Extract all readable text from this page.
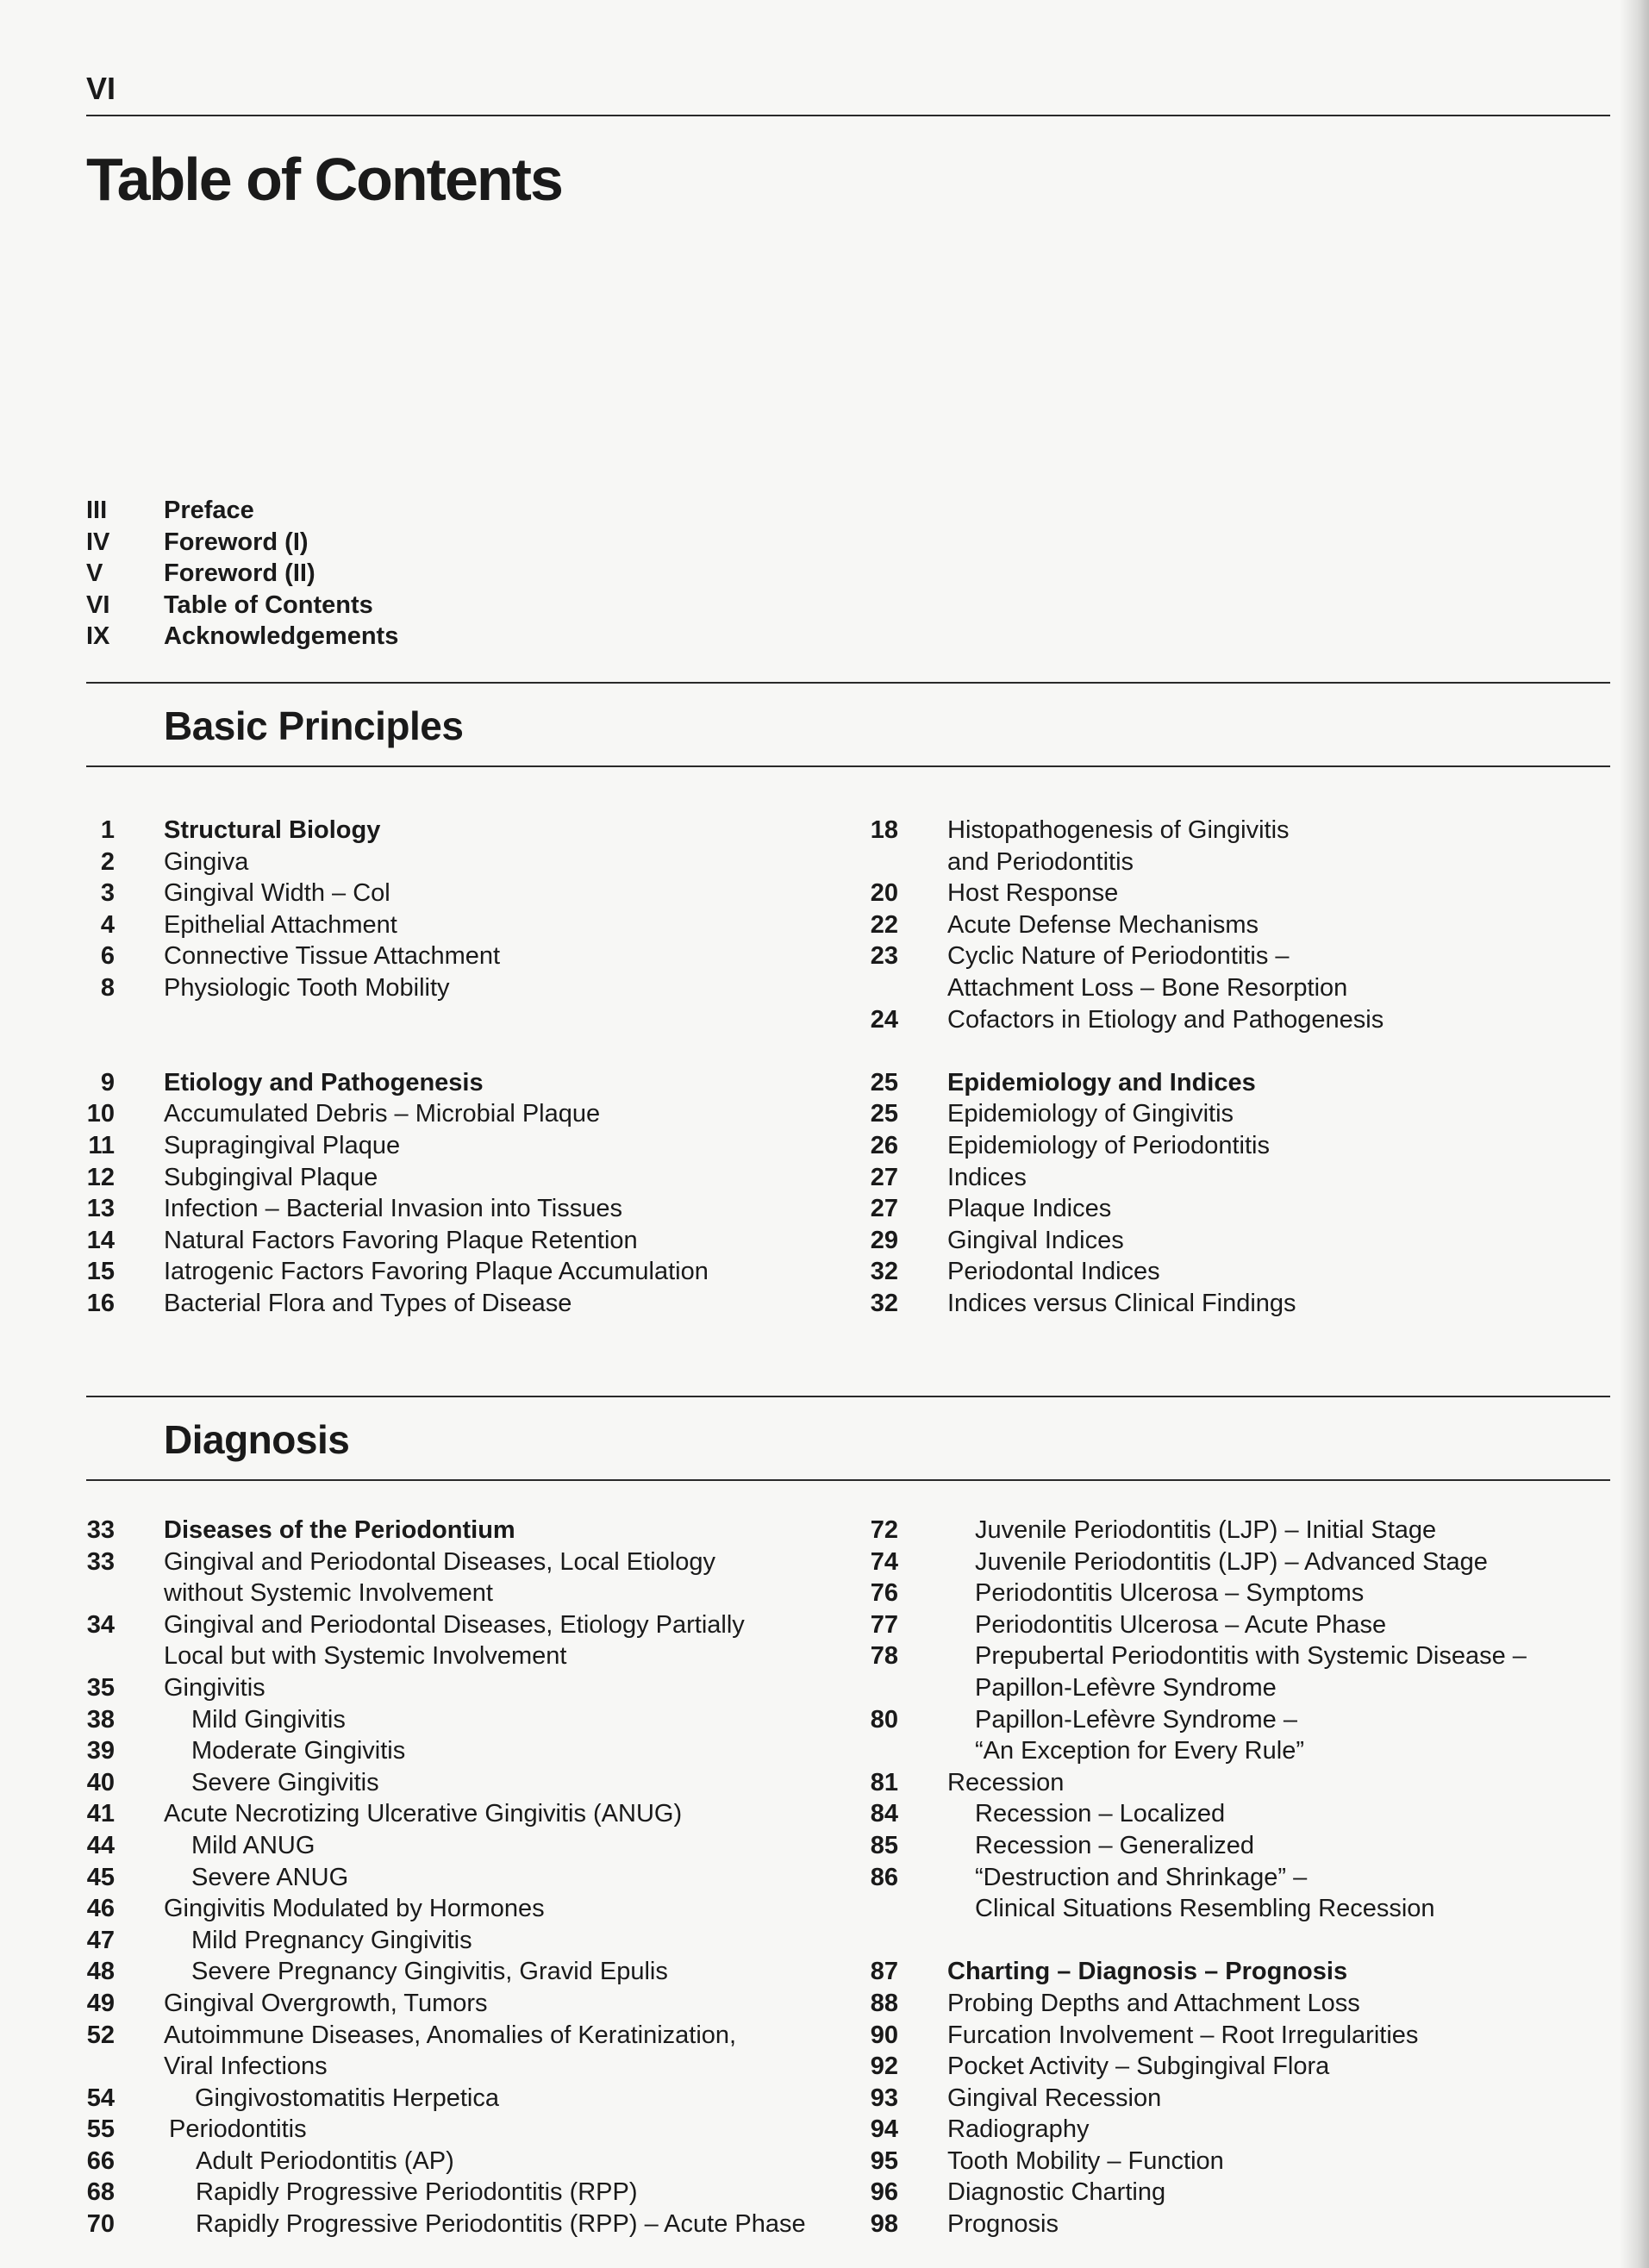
VI
Table of Contents
III	Preface
IV	Foreword (I)
V	Foreword (II)
VI	Table of Contents
IX	Acknowledgements
Basic Principles
1 Structural Biology
2 Gingiva
3 Gingival Width – Col
4 Epithelial Attachment
6 Connective Tissue Attachment
8 Physiologic Tooth Mobility
9 Etiology and Pathogenesis
10 Accumulated Debris – Microbial Plaque
11 Supragingival Plaque
12 Subgingival Plaque
13 Infection – Bacterial Invasion into Tissues
14 Natural Factors Favoring Plaque Retention
15 Iatrogenic Factors Favoring Plaque Accumulation
16 Bacterial Flora and Types of Disease
18 Histopathogenesis of Gingivitis
and Periodontitis
20 Host Response
22 Acute Defense Mechanisms
23 Cyclic Nature of Periodontitis –
Attachment Loss – Bone Resorption
24 Cofactors in Etiology and Pathogenesis
25 Epidemiology and Indices
25 Epidemiology of Gingivitis
26 Epidemiology of Periodontitis
27 Indices
27 Plaque Indices
29 Gingival Indices
32 Periodontal Indices
32 Indices versus Clinical Findings
Diagnosis
33 Diseases of the Periodontium
33 Gingival and Periodontal Diseases, Local Etiology
without Systemic Involvement
34 Gingival and Periodontal Diseases, Etiology Partially
Local but with Systemic Involvement
35 Gingivitis
38	Mild Gingivitis
39	Moderate Gingivitis
40	Severe Gingivitis
41 Acute Necrotizing Ulcerative Gingivitis (ANUG)
44	Mild ANUG
45	Severe ANUG
46 Gingivitis Modulated by Hormones
47	Mild Pregnancy Gingivitis
48	Severe Pregnancy Gingivitis, Gravid Epulis
49 Gingival Overgrowth, Tumors
52 Autoimmune Diseases, Anomalies of Keratinization,
Viral Infections
54	Gingivostomatitis Herpetica
55 Periodontitis
66	Adult Periodontitis (AP)
68	Rapidly Progressive Periodontitis (RPP)
70	Rapidly Progressive Periodontitis (RPP) – Acute Phase
72	Juvenile Periodontitis (LJP) – Initial Stage
74	Juvenile Periodontitis (LJP) – Advanced Stage
76	Periodontitis Ulcerosa – Symptoms
77	Periodontitis Ulcerosa – Acute Phase
78	Prepubertal Periodontitis with Systemic Disease –
Papillon-Lefèvre Syndrome
80	Papillon-Lefèvre Syndrome –
“An Exception for Every Rule”
81 Recession
84	Recession – Localized
85	Recession – Generalized
86	“Destruction and Shrinkage” –
Clinical Situations Resembling Recession
87 Charting – Diagnosis – Prognosis
88 Probing Depths and Attachment Loss
90 Furcation Involvement – Root Irregularities
92 Pocket Activity – Subgingival Flora
93 Gingival Recession
94 Radiography
95 Tooth Mobility – Function
96 Diagnostic Charting
98 Prognosis
